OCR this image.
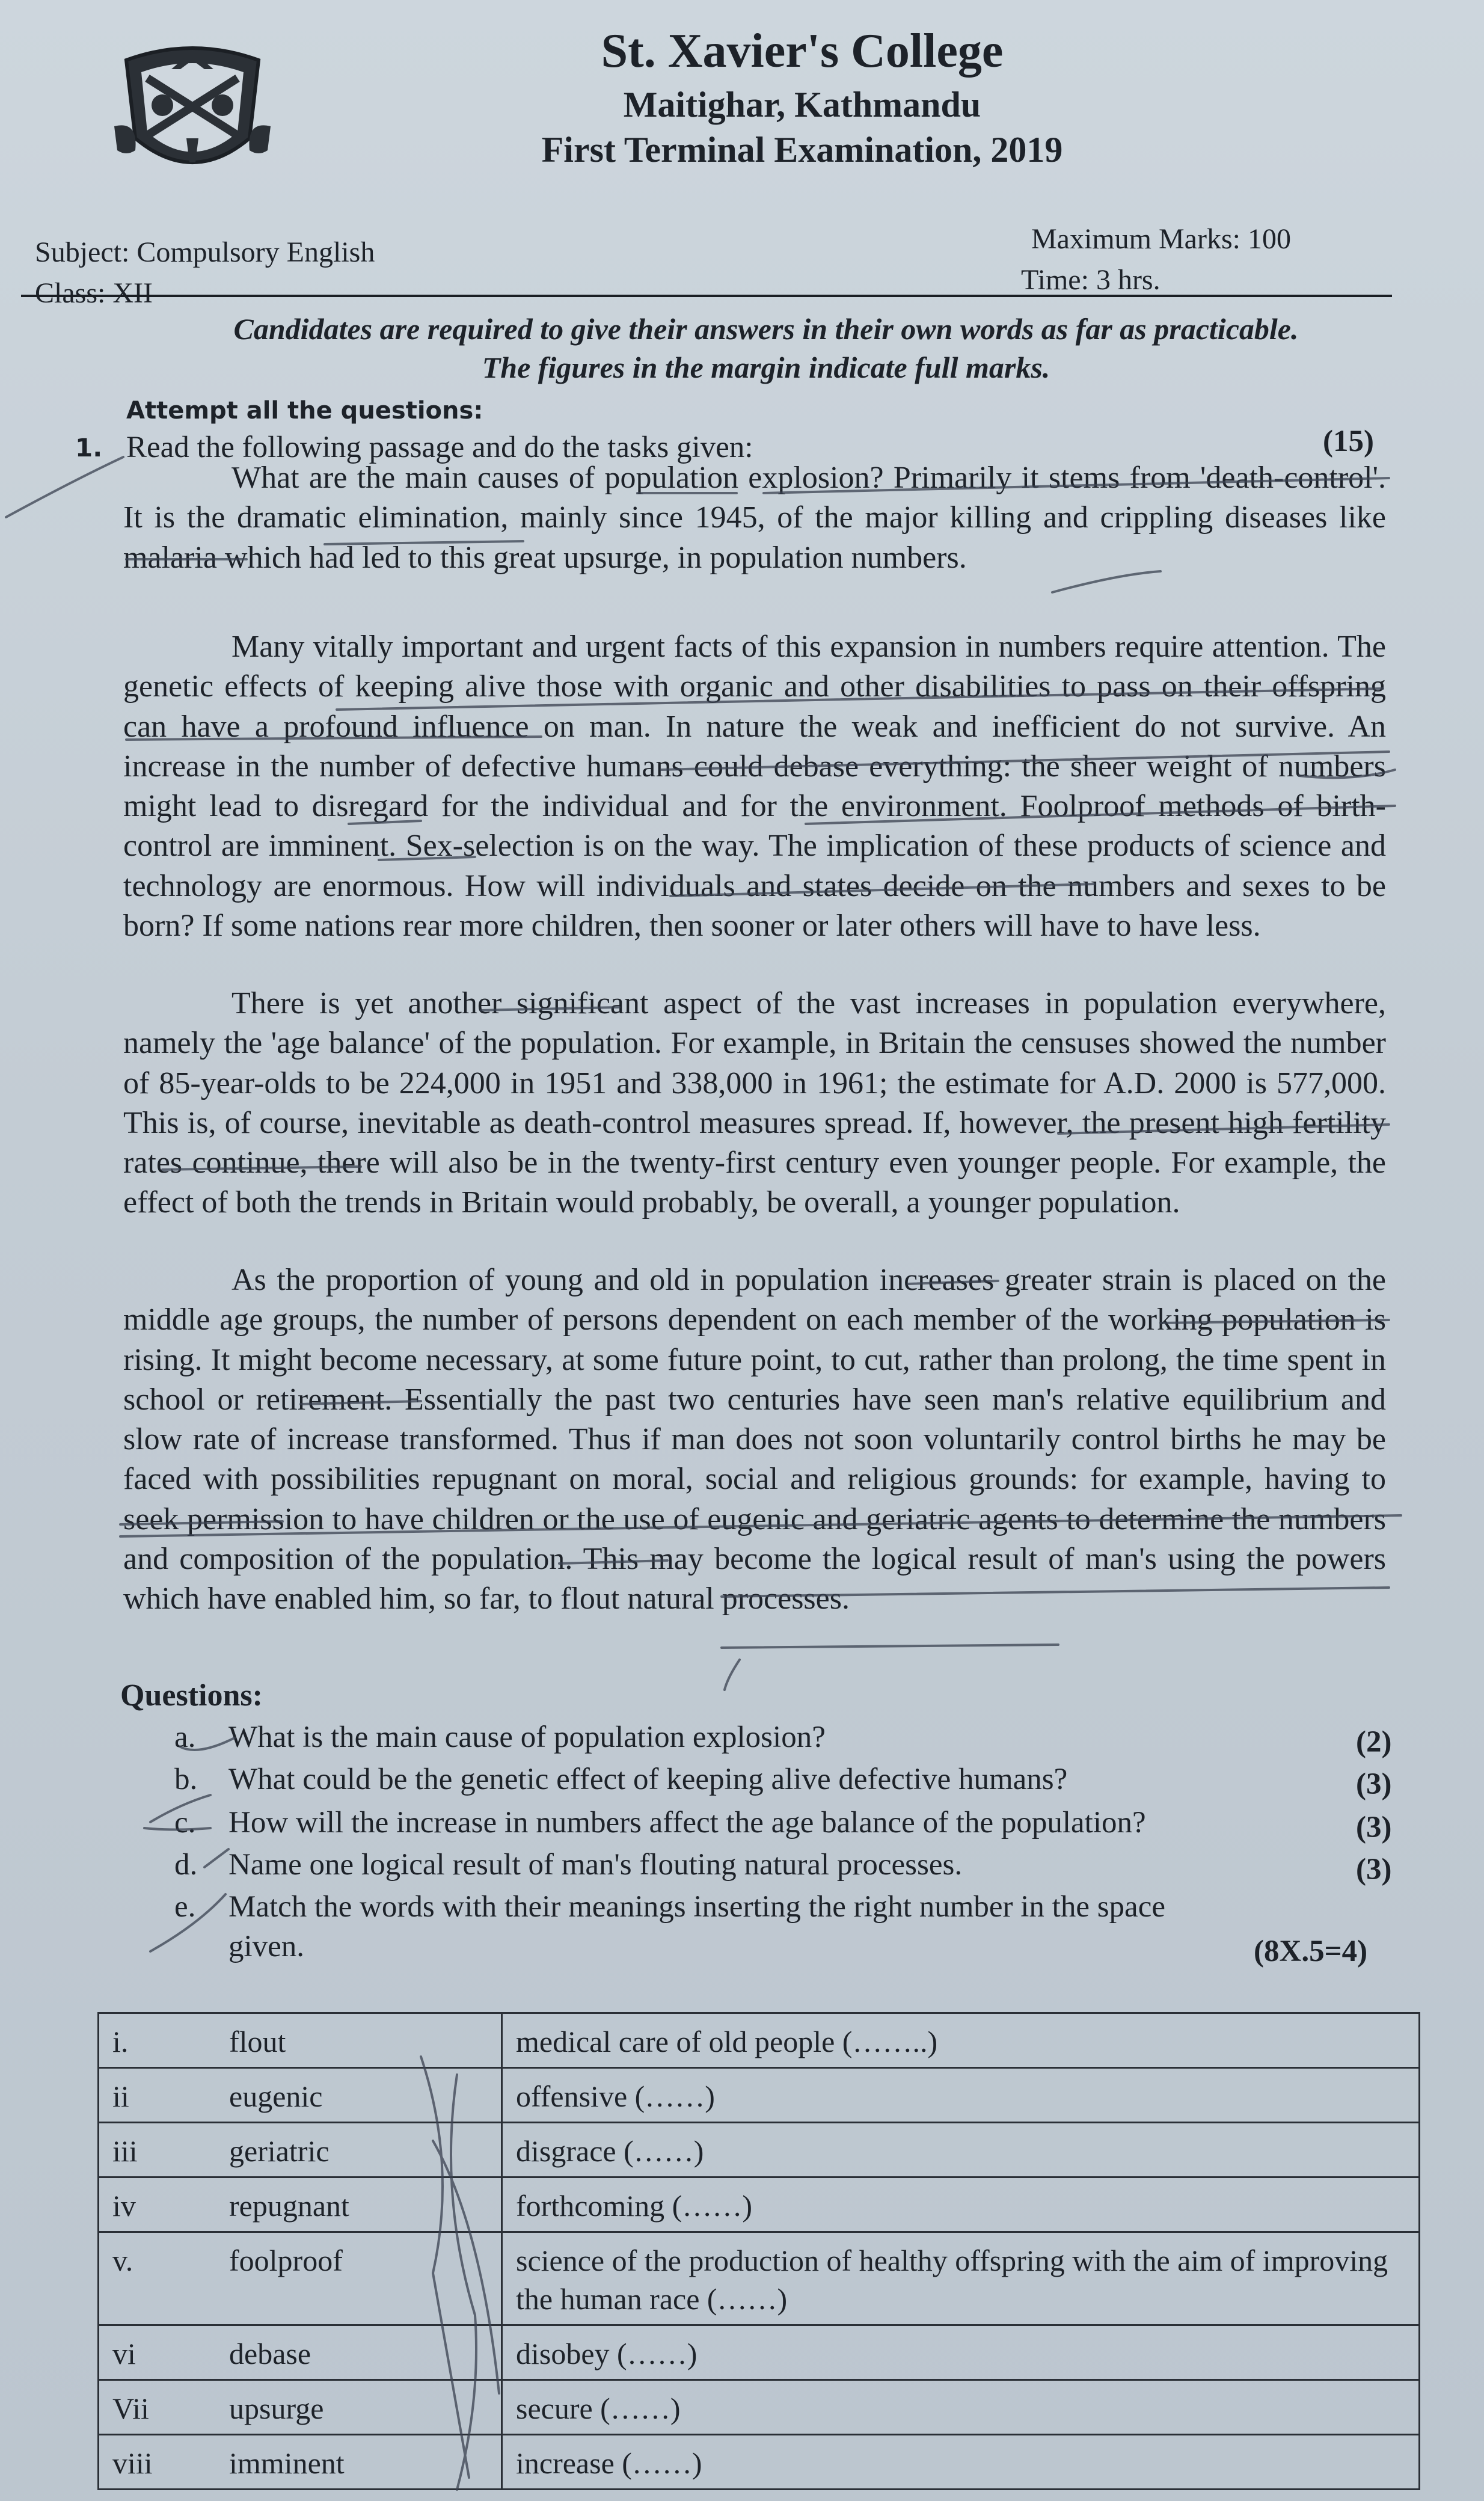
St. Xavier's College
Maitighar, Kathmandu
First Terminal Examination, 2019
Subject: Compulsory English
Class: XII
Maximum Marks: 100
Time: 3 hrs.
Candidates are required to give their answers in their own words as far as practicable.
The figures in the margin indicate full marks.
Attempt all the questions:
1. Read the following passage and do the tasks given:	(15)

What are the main causes of population explosion? Primarily it stems from 'death-control'. It is the dramatic elimination, mainly since 1945, of the major killing and crippling diseases like malaria which had led to this great upsurge, in population numbers.

Many vitally important and urgent facts of this expansion in numbers require attention. The genetic effects of keeping alive those with organic and other disabilities to pass on their offspring can have a profound influence on man. In nature the weak and inefficient do not survive. An increase in the number of defective humans could debase everything: the sheer weight of numbers might lead to disregard for the individual and for the environment. Foolproof methods of birth-control are imminent. Sex-selection is on the way. The implication of these products of science and technology are enormous. How will individuals and states decide on the numbers and sexes to be born? If some nations rear more children, then sooner or later others will have to have less.

There is yet another significant aspect of the vast increases in population everywhere, namely the 'age balance' of the population. For example, in Britain the censuses showed the number of 85-year-olds to be 224,000 in 1951 and 338,000 in 1961; the estimate for A.D. 2000 is 577,000. This is, of course, inevitable as death-control measures spread. If, however, the present high fertility rates continue, there will also be in the twenty-first century even younger people. For example, the effect of both the trends in Britain would probably, be overall, a younger population.

As the proportion of young and old in population increases greater strain is placed on the middle age groups, the number of persons dependent on each member of the working population is rising. It might become necessary, at some future point, to cut, rather than prolong, the time spent in school or retirement. Essentially the past two centuries have seen man's relative equilibrium and slow rate of increase transformed. Thus if man does not soon voluntarily control births he may be faced with possibilities repugnant on moral, social and religious grounds: for example, having to seek permission to have children or the use of eugenic and geriatric agents to determine the numbers and composition of the population. This may become the logical result of man's using the powers which have enabled him, so far, to flout natural processes.

Questions:
a. What is the main cause of population explosion?	(2)
b. What could be the genetic effect of keeping alive defective humans?	(3)
c. How will the increase in numbers affect the age balance of the population?	(3)
d. Name one logical result of man's flouting natural processes.	(3)
e. Match the words with their meanings inserting the right number in the space
given.	(8X.5=4)
i.	flout	medical care of old people (……..)
ii	eugenic	offensive (……)
iii	geriatric	disgrace (……)
iv	repugnant	forthcoming (……)
v.	foolproof	science of the production of healthy offspring with the aim of improving the human race (……)
vi	debase	disobey (……)
Vii	upsurge	secure (……)
viii	imminent	increase (……)
